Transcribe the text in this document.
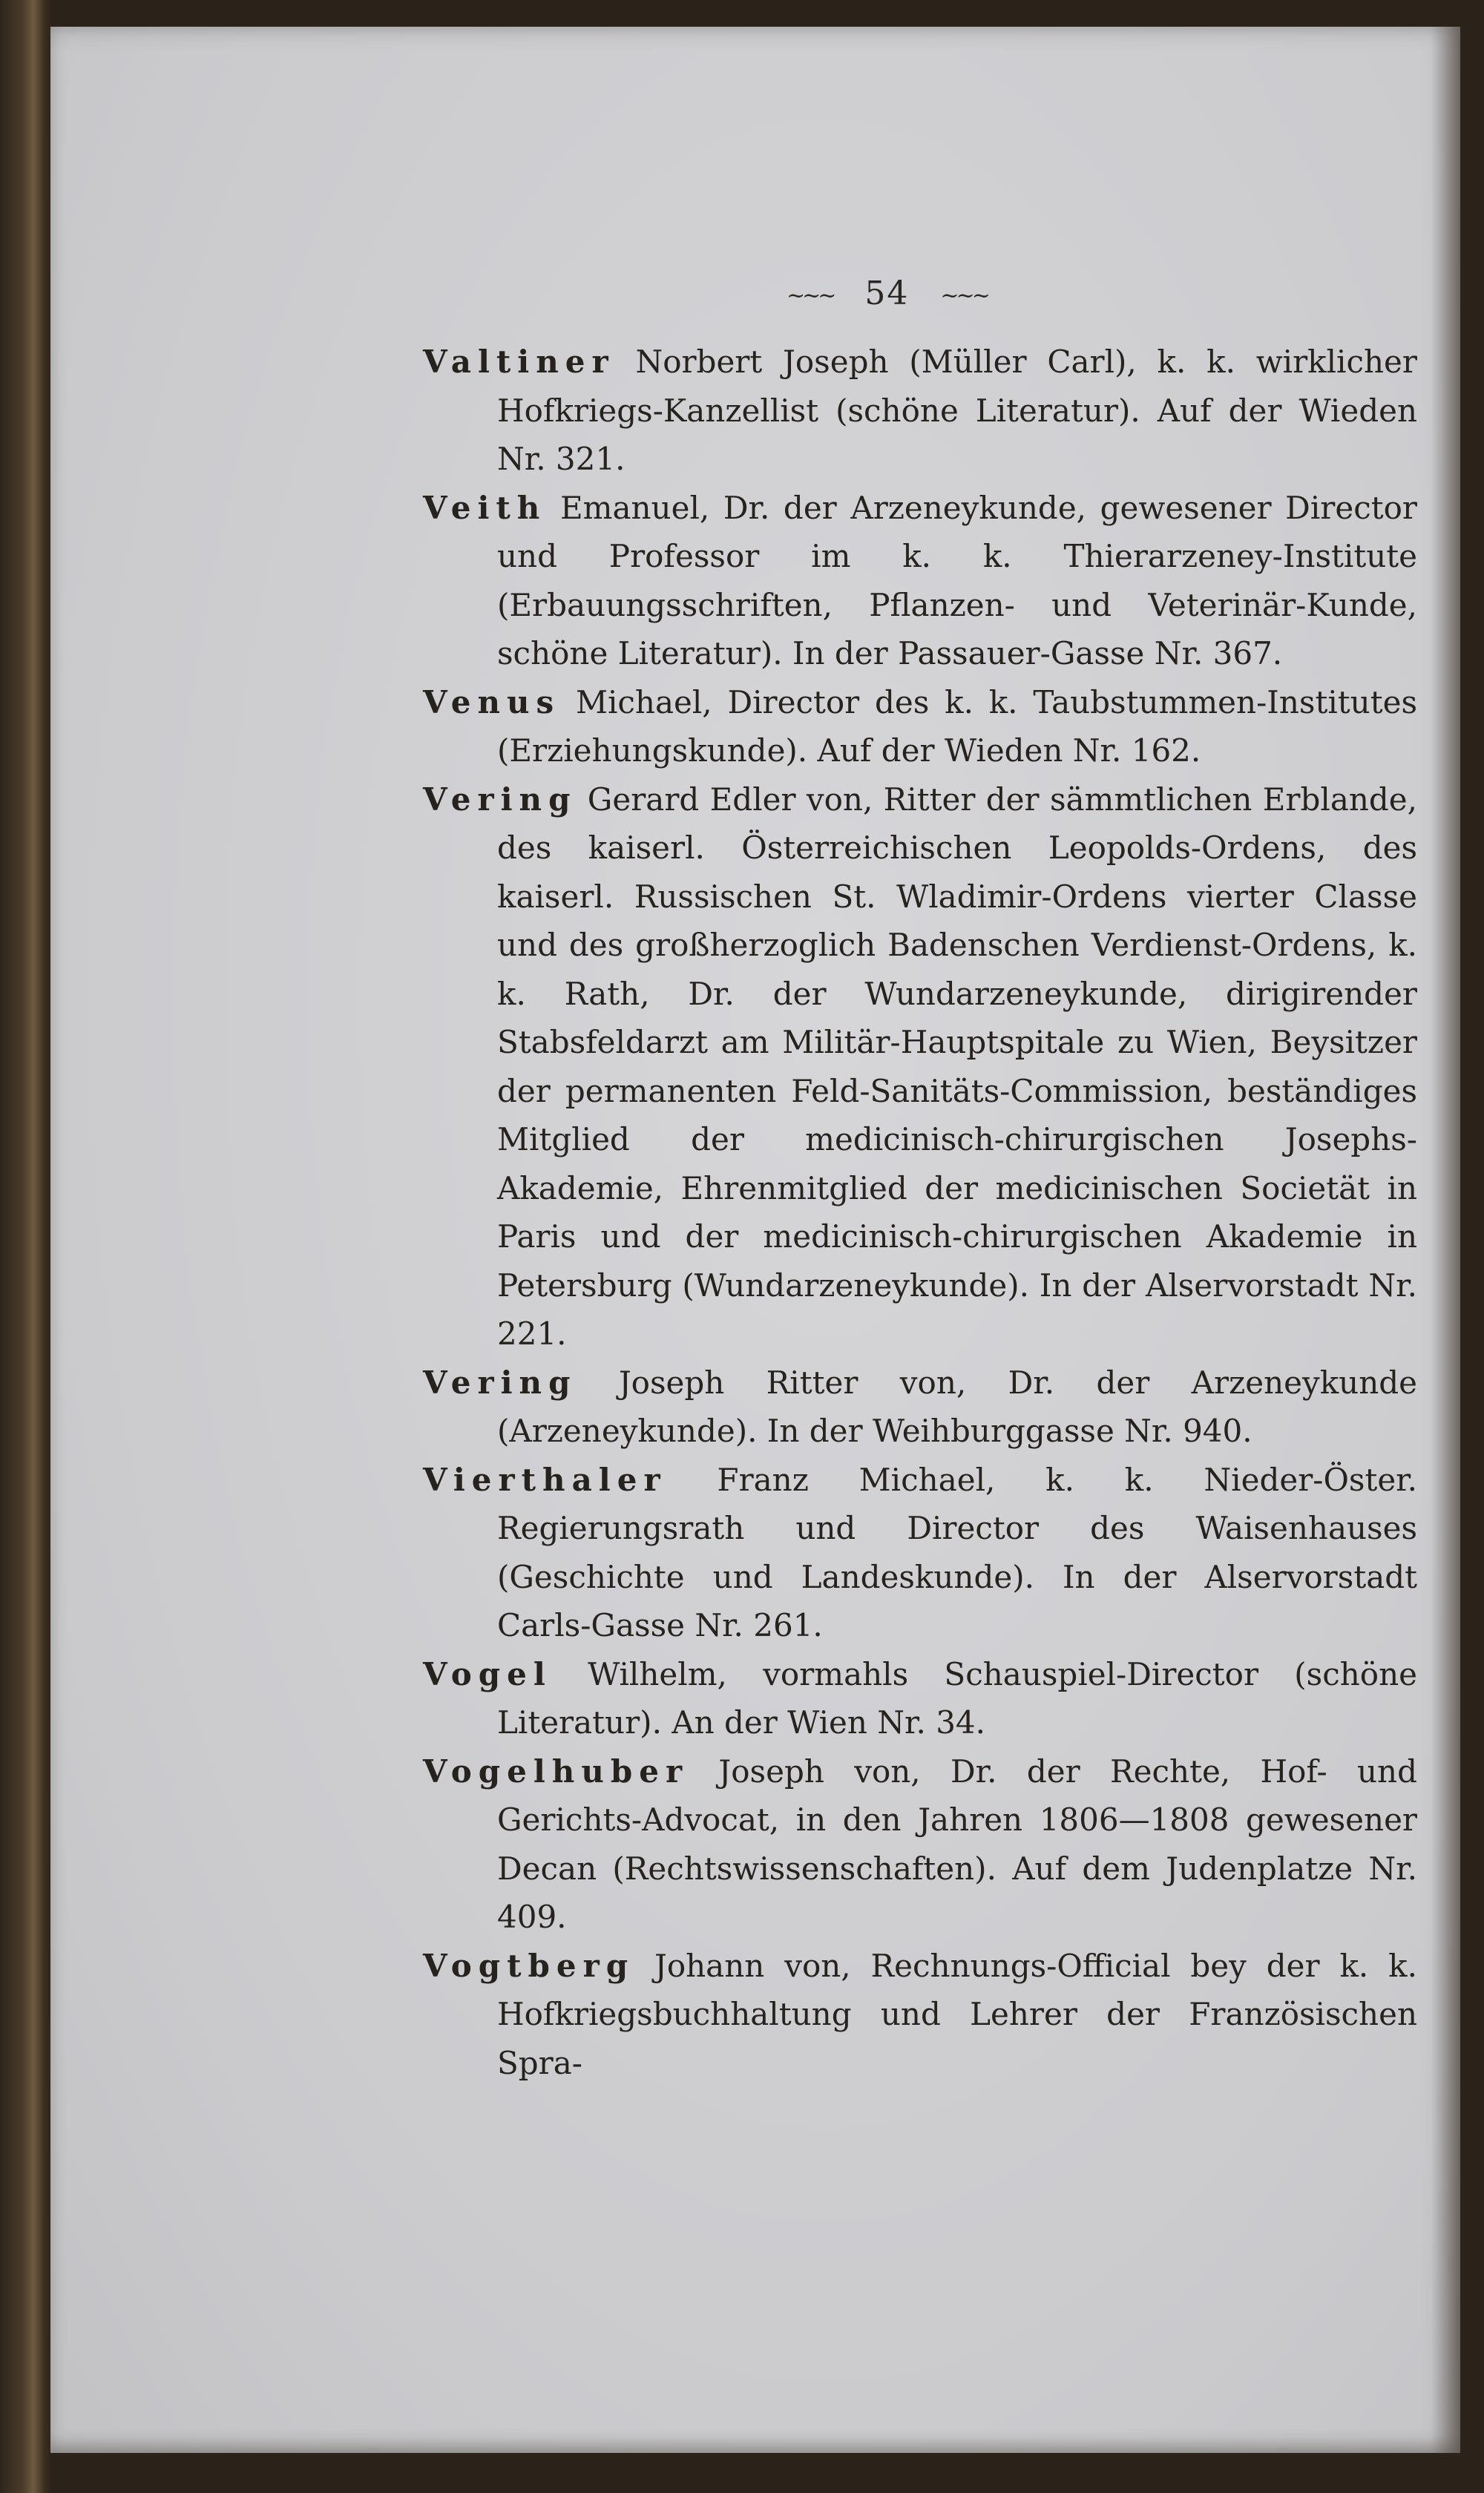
~~~ 54 ~~~

Valtiner Norbert Joseph (Müller Carl), k. k. wirklicher Hofkriegs-Kanzellist (schöne Literatur). Auf der Wieden Nr. 321.

Veith Emanuel, Dr. der Arzeneykunde, gewesener Director und Professor im k. k. Thierarzeney-Institute (Erbauungsschriften, Pflanzen- und Veterinär-Kunde, schöne Literatur). In der Passauer-Gasse Nr. 367.

Venus Michael, Director des k. k. Taubstummen-Institutes (Erziehungskunde). Auf der Wieden Nr. 162.

Vering Gerard Edler von, Ritter der sämmtlichen Erblande, des kaiserl. Österreichischen Leopolds-Ordens, des kaiserl. Russischen St. Wladimir-Ordens vierter Classe und des großherzoglich Badenschen Verdienst-Ordens, k. k. Rath, Dr. der Wundarzeneykunde, dirigirender Stabsfeldarzt am Militär-Hauptspitale zu Wien, Beysitzer der permanenten Feld-Sanitäts-Commission, beständiges Mitglied der medicinisch-chirurgischen Josephs-Akademie, Ehrenmitglied der medicinischen Societät in Paris und der medicinisch-chirurgischen Akademie in Petersburg (Wundarzeneykunde). In der Alservorstadt Nr. 221.

Vering Joseph Ritter von, Dr. der Arzeneykunde (Arzeneykunde). In der Weihburggasse Nr. 940.

Vierthaler Franz Michael, k. k. Nieder-Öster. Regierungsrath und Director des Waisenhauses (Geschichte und Landeskunde). In der Alservorstadt Carls-Gasse Nr. 261.

Vogel Wilhelm, vormahls Schauspiel-Director (schöne Literatur). An der Wien Nr. 34.

Vogelhuber Joseph von, Dr. der Rechte, Hof- und Gerichts-Advocat, in den Jahren 1806—1808 gewesener Decan (Rechtswissenschaften). Auf dem Judenplatze Nr. 409.

Vogtberg Johann von, Rechnungs-Official bey der k. k. Hofkriegsbuchhaltung und Lehrer der Französischen Spra-
